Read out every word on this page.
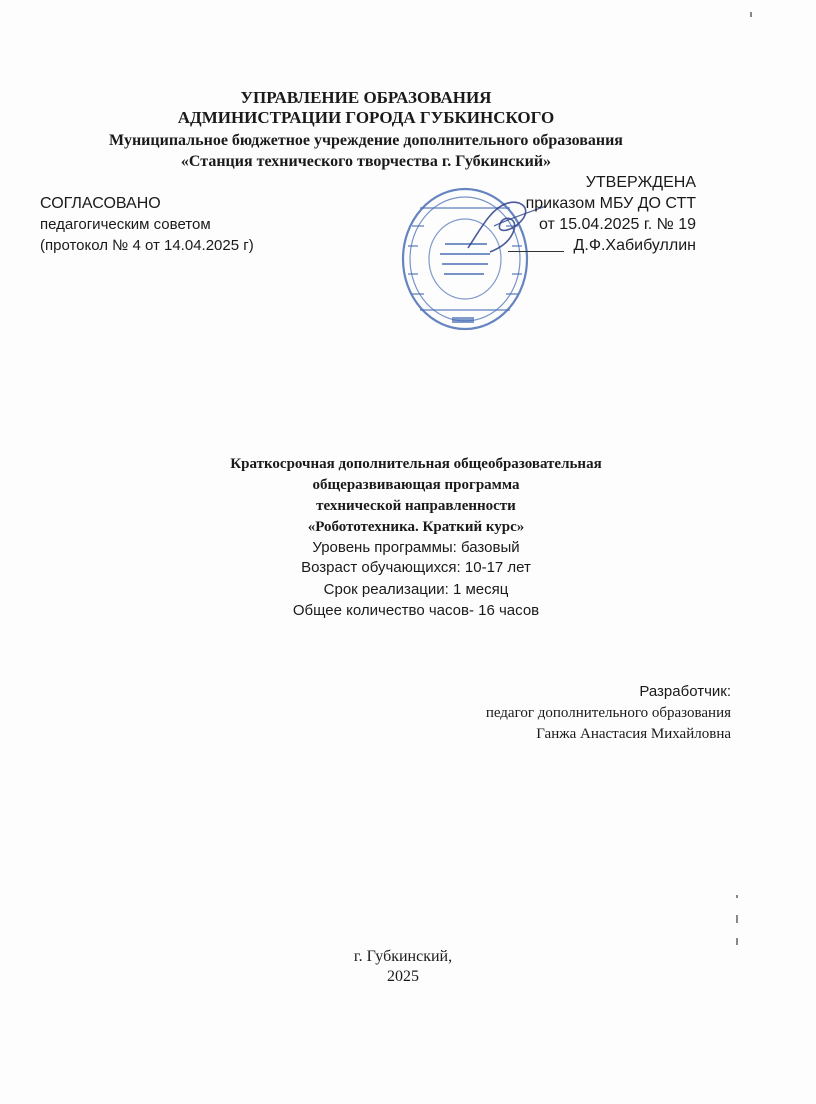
УПРАВЛЕНИЕ ОБРАЗОВАНИЯ
АДМИНИСТРАЦИИ ГОРОДА ГУБКИНСКОГО
Муниципальное бюджетное учреждение дополнительного образования
«Станция технического творчества г. Губкинский»
СОГЛАСОВАНО
педагогическим советом
(протокол № 4 от 14.04.2025 г)
УТВЕРЖДЕНА
приказом МБУ ДО СТТ
от 15.04.2025 г. № 19
Д.Ф.Хабибуллин
Краткосрочная дополнительная общеобразовательная
общеразвивающая программа
технической направленности
«Робототехника. Краткий курс»
Уровень программы: базовый
Возраст обучающихся: 10-17 лет
Срок реализации: 1 месяц
Общее количество часов- 16 часов
Разработчик:
педагог дополнительного образования
Ганжа Анастасия Михайловна
г. Губкинский,
2025
